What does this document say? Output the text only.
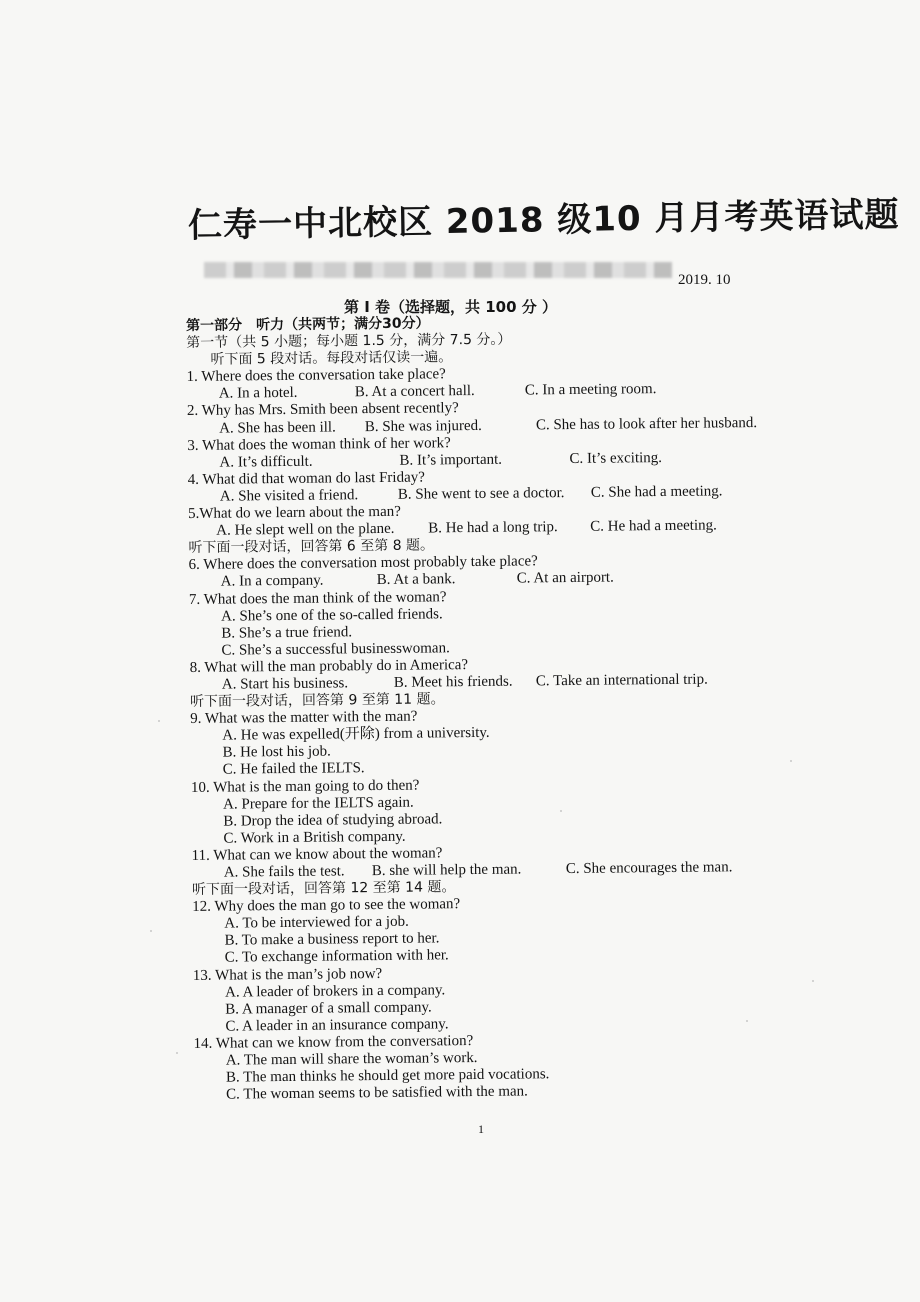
仁寿一中北校区 2018 级10 月月考英语试题
2019. 10
第 I 卷（选择题，共 100 分 ）
第一部分　听力（共两节；满分30分）
第一节（共 5 小题；每小题 1.5 分，满分 7.5 分。）
听下面 5 段对话。每段对话仅读一遍。
1. Where does the conversation take place?
A. In a hotel.	B. At a concert hall.	C. In a meeting room.
2. Why has Mrs. Smith been absent recently?
A. She has been ill.	B. She was injured.	C. She has to look after her husband.
3. What does the woman think of her work?
A. It’s difficult.	B. It’s important.	C. It’s exciting.
4. What did that woman do last Friday?
A. She visited a friend.	B. She went to see a doctor.	C. She had a meeting.
5.What do we learn about the man?
A. He slept well on the plane.	B. He had a long trip.	C. He had a meeting.
听下面一段对话，回答第 6 至第 8 题。
6. Where does the conversation most probably take place?
A. In a company.	B. At a bank.	C. At an airport.
7. What does the man think of the woman?
A. She’s one of the so-called friends.
B. She’s a true friend.
C. She’s a successful businesswoman.
8. What will the man probably do in America?
A. Start his business.	B. Meet his friends.	C. Take an international trip.
听下面一段对话，回答第 9 至第 11 题。
9. What was the matter with the man?
A. He was expelled(开除) from a university.
B. He lost his job.
C. He failed the IELTS.
10. What is the man going to do then?
A. Prepare for the IELTS again.
B. Drop the idea of studying abroad.
C. Work in a British company.
11. What can we know about the woman?
A. She fails the test.	B. she will help the man.	C. She encourages the man.
听下面一段对话，回答第 12 至第 14 题。
12. Why does the man go to see the woman?
A. To be interviewed for a job.
B. To make a business report to her.
C. To exchange information with her.
13. What is the man’s job now?
A. A leader of brokers in a company.
B. A manager of a small company.
C. A leader in an insurance company.
14. What can we know from the conversation?
A. The man will share the woman’s work.
B. The man thinks he should get more paid vocations.
C. The woman seems to be satisfied with the man.
1
